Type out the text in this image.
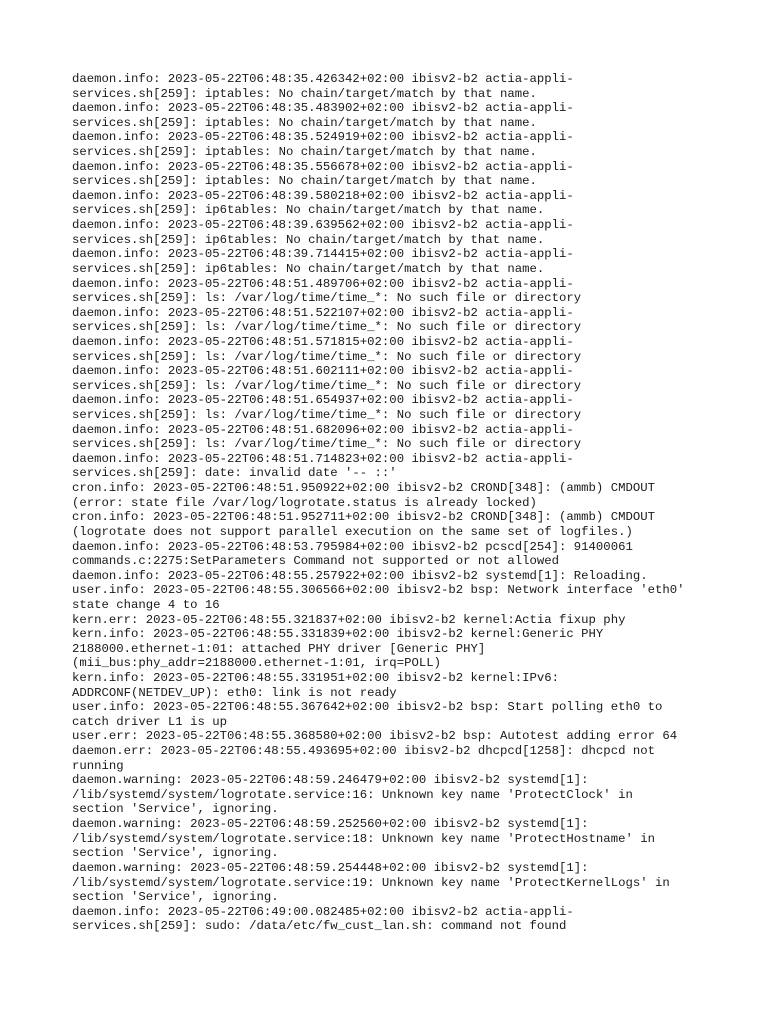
daemon.info: 2023-05-22T06:48:35.426342+02:00 ibisv2-b2 actia-appli-
services.sh[259]: iptables: No chain/target/match by that name.
daemon.info: 2023-05-22T06:48:35.483902+02:00 ibisv2-b2 actia-appli-
services.sh[259]: iptables: No chain/target/match by that name.
daemon.info: 2023-05-22T06:48:35.524919+02:00 ibisv2-b2 actia-appli-
services.sh[259]: iptables: No chain/target/match by that name.
daemon.info: 2023-05-22T06:48:35.556678+02:00 ibisv2-b2 actia-appli-
services.sh[259]: iptables: No chain/target/match by that name.
daemon.info: 2023-05-22T06:48:39.580218+02:00 ibisv2-b2 actia-appli-
services.sh[259]: ip6tables: No chain/target/match by that name.
daemon.info: 2023-05-22T06:48:39.639562+02:00 ibisv2-b2 actia-appli-
services.sh[259]: ip6tables: No chain/target/match by that name.
daemon.info: 2023-05-22T06:48:39.714415+02:00 ibisv2-b2 actia-appli-
services.sh[259]: ip6tables: No chain/target/match by that name.
daemon.info: 2023-05-22T06:48:51.489706+02:00 ibisv2-b2 actia-appli-
services.sh[259]: ls: /var/log/time/time_*: No such file or directory
daemon.info: 2023-05-22T06:48:51.522107+02:00 ibisv2-b2 actia-appli-
services.sh[259]: ls: /var/log/time/time_*: No such file or directory
daemon.info: 2023-05-22T06:48:51.571815+02:00 ibisv2-b2 actia-appli-
services.sh[259]: ls: /var/log/time/time_*: No such file or directory
daemon.info: 2023-05-22T06:48:51.602111+02:00 ibisv2-b2 actia-appli-
services.sh[259]: ls: /var/log/time/time_*: No such file or directory
daemon.info: 2023-05-22T06:48:51.654937+02:00 ibisv2-b2 actia-appli-
services.sh[259]: ls: /var/log/time/time_*: No such file or directory
daemon.info: 2023-05-22T06:48:51.682096+02:00 ibisv2-b2 actia-appli-
services.sh[259]: ls: /var/log/time/time_*: No such file or directory
daemon.info: 2023-05-22T06:48:51.714823+02:00 ibisv2-b2 actia-appli-
services.sh[259]: date: invalid date '-- ::'
cron.info: 2023-05-22T06:48:51.950922+02:00 ibisv2-b2 CROND[348]: (ammb) CMDOUT
(error: state file /var/log/logrotate.status is already locked)
cron.info: 2023-05-22T06:48:51.952711+02:00 ibisv2-b2 CROND[348]: (ammb) CMDOUT
(logrotate does not support parallel execution on the same set of logfiles.)
daemon.info: 2023-05-22T06:48:53.795984+02:00 ibisv2-b2 pcscd[254]: 91400061
commands.c:2275:SetParameters Command not supported or not allowed
daemon.info: 2023-05-22T06:48:55.257922+02:00 ibisv2-b2 systemd[1]: Reloading.
user.info: 2023-05-22T06:48:55.306566+02:00 ibisv2-b2 bsp: Network interface 'eth0'
state change 4 to 16
kern.err: 2023-05-22T06:48:55.321837+02:00 ibisv2-b2 kernel:Actia fixup phy
kern.info: 2023-05-22T06:48:55.331839+02:00 ibisv2-b2 kernel:Generic PHY
2188000.ethernet-1:01: attached PHY driver [Generic PHY]
(mii_bus:phy_addr=2188000.ethernet-1:01, irq=POLL)
kern.info: 2023-05-22T06:48:55.331951+02:00 ibisv2-b2 kernel:IPv6:
ADDRCONF(NETDEV_UP): eth0: link is not ready
user.info: 2023-05-22T06:48:55.367642+02:00 ibisv2-b2 bsp: Start polling eth0 to
catch driver L1 is up
user.err: 2023-05-22T06:48:55.368580+02:00 ibisv2-b2 bsp: Autotest adding error 64
daemon.err: 2023-05-22T06:48:55.493695+02:00 ibisv2-b2 dhcpcd[1258]: dhcpcd not
running
daemon.warning: 2023-05-22T06:48:59.246479+02:00 ibisv2-b2 systemd[1]:
/lib/systemd/system/logrotate.service:16: Unknown key name 'ProtectClock' in
section 'Service', ignoring.
daemon.warning: 2023-05-22T06:48:59.252560+02:00 ibisv2-b2 systemd[1]:
/lib/systemd/system/logrotate.service:18: Unknown key name 'ProtectHostname' in
section 'Service', ignoring.
daemon.warning: 2023-05-22T06:48:59.254448+02:00 ibisv2-b2 systemd[1]:
/lib/systemd/system/logrotate.service:19: Unknown key name 'ProtectKernelLogs' in
section 'Service', ignoring.
daemon.info: 2023-05-22T06:49:00.082485+02:00 ibisv2-b2 actia-appli-
services.sh[259]: sudo: /data/etc/fw_cust_lan.sh: command not found
